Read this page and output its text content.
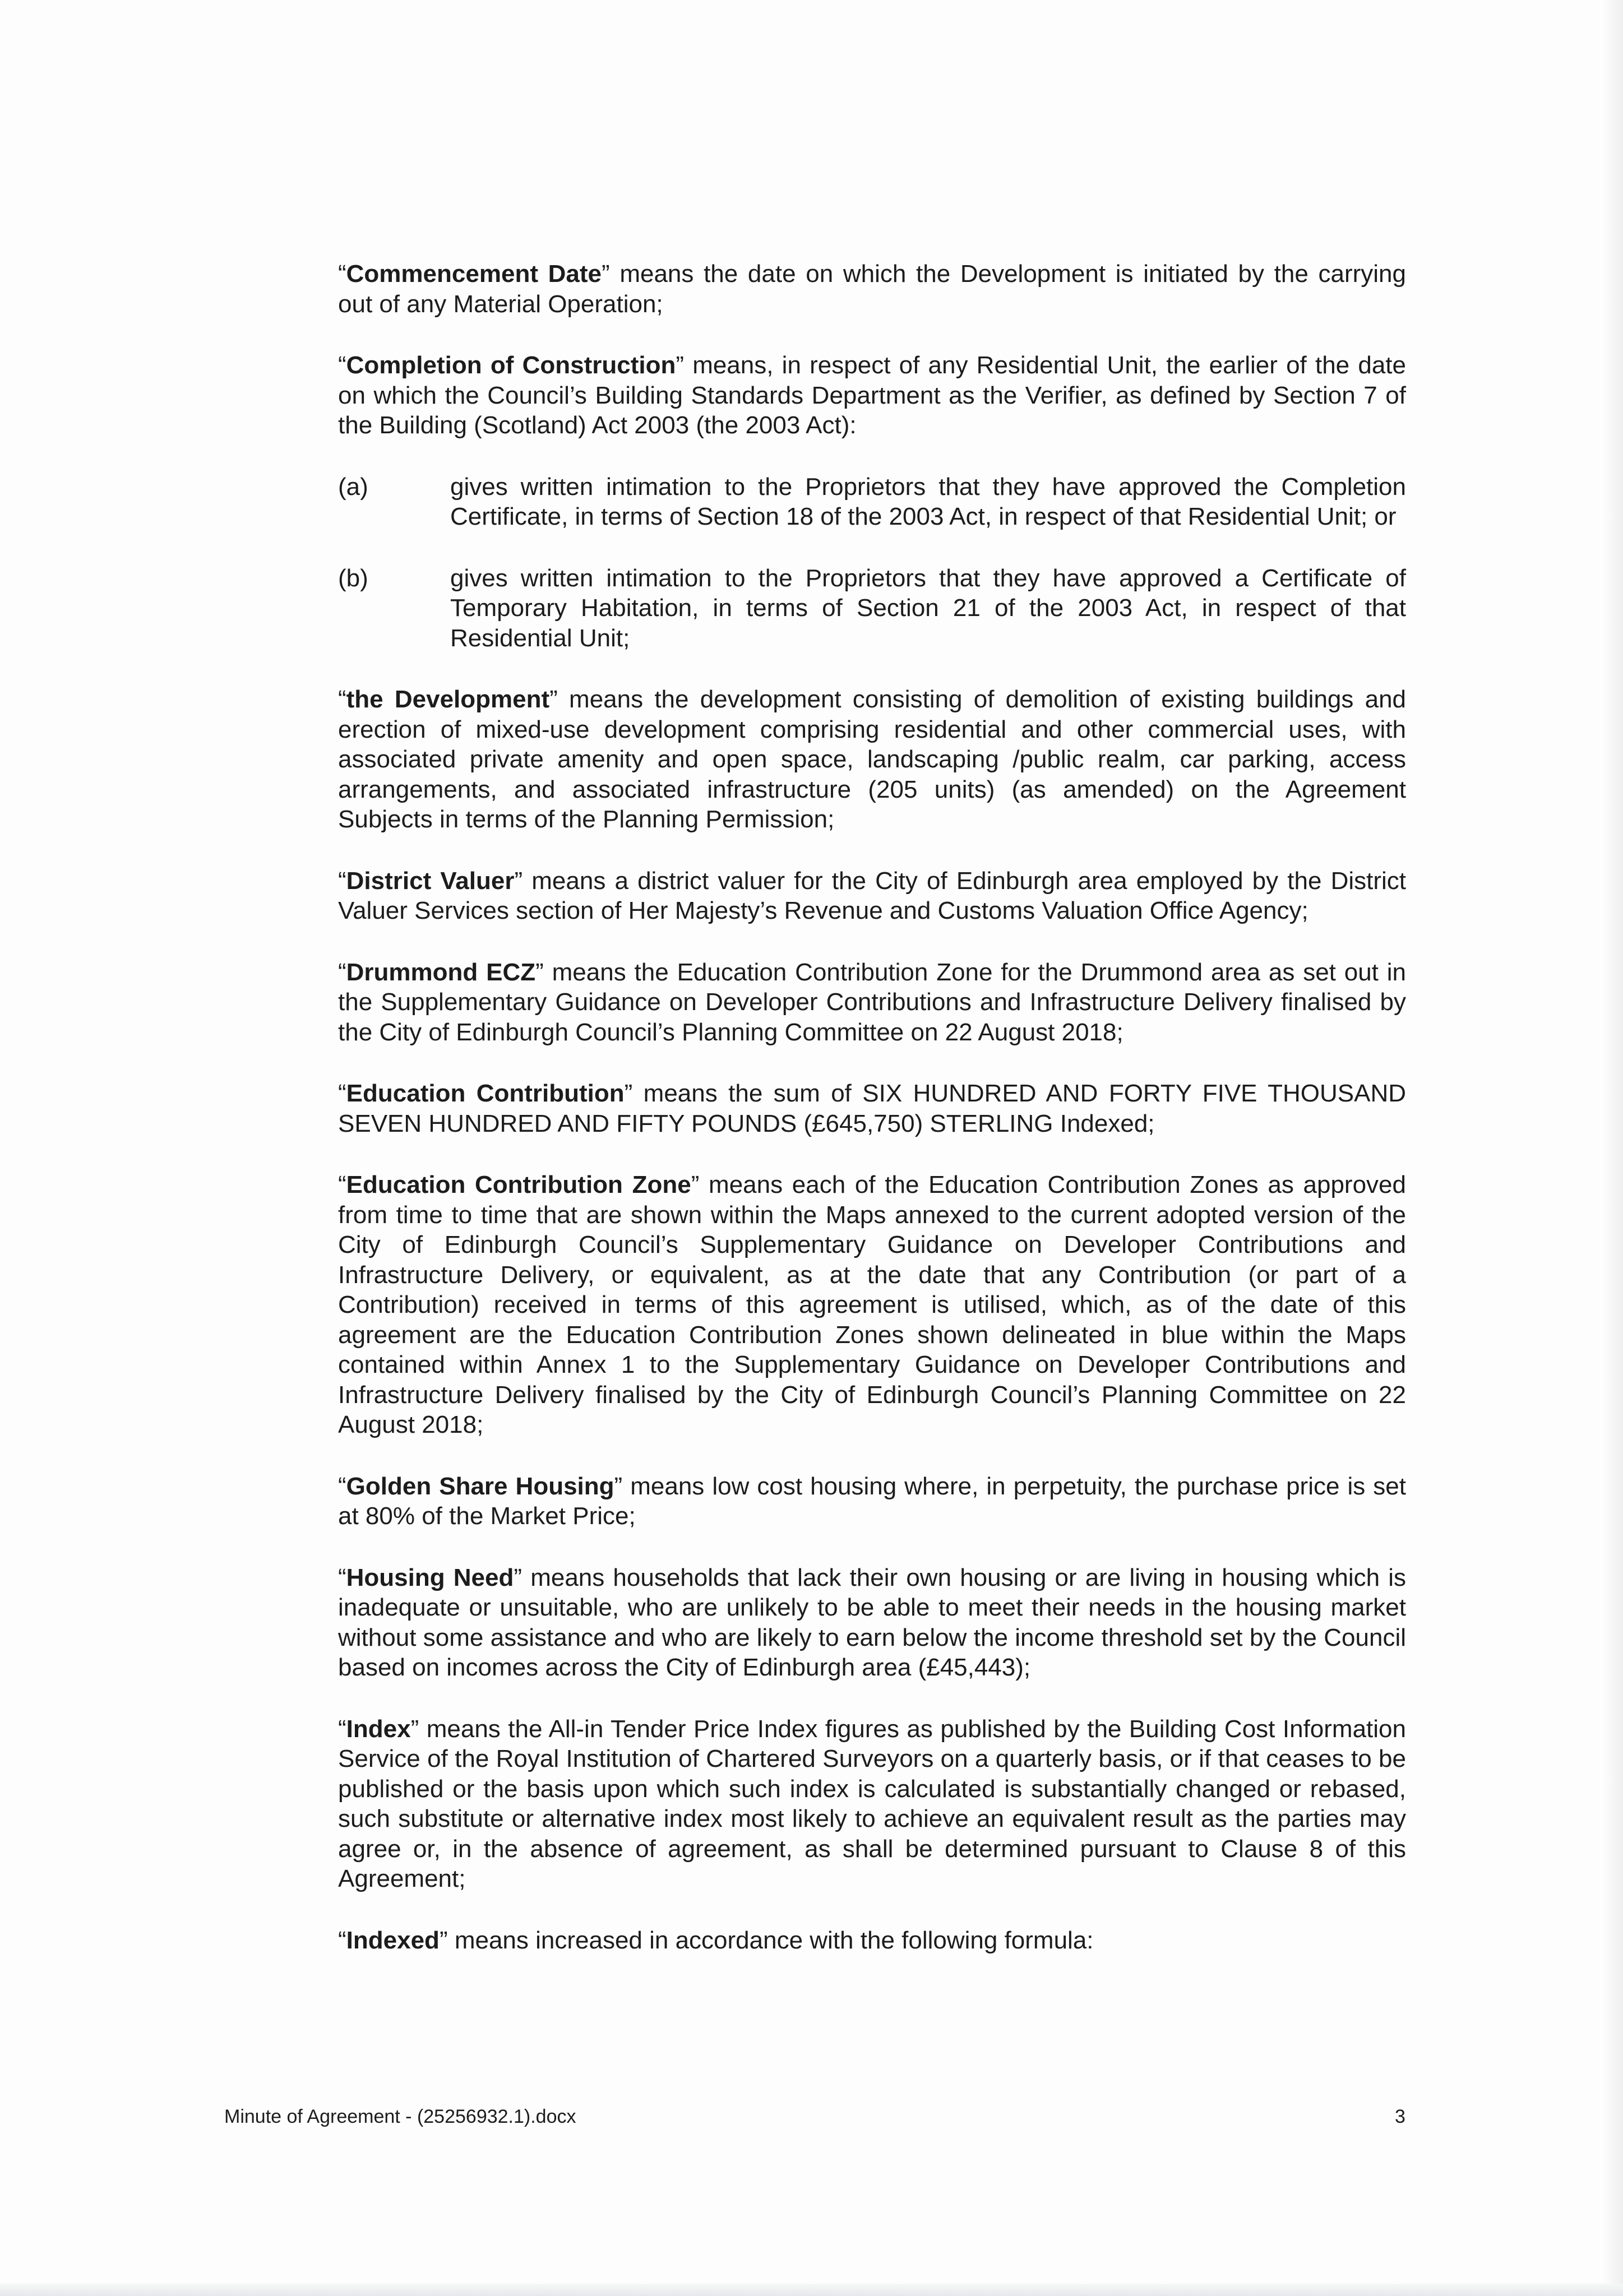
“Commencement Date” means the date on which the Development is initiated by the carrying out of any Material Operation;

“Completion of Construction” means, in respect of any Residential Unit, the earlier of the date on which the Council’s Building Standards Department as the Verifier, as defined by Section 7 of the Building (Scotland) Act 2003 (the 2003 Act):

(a)	gives written intimation to the Proprietors that they have approved the Completion Certificate, in terms of Section 18 of the 2003 Act, in respect of that Residential Unit; or
(b)	gives written intimation to the Proprietors that they have approved a Certificate of Temporary Habitation, in terms of Section 21 of the 2003 Act, in respect of that Residential Unit;

“the Development” means the development consisting of demolition of existing buildings and erection of mixed-use development comprising residential and other commercial uses, with associated private amenity and open space, landscaping /public realm, car parking, access arrangements, and associated infrastructure (205 units) (as amended) on the Agreement Subjects in terms of the Planning Permission;

“District Valuer” means a district valuer for the City of Edinburgh area employed by the District Valuer Services section of Her Majesty’s Revenue and Customs Valuation Office Agency;

“Drummond ECZ” means the Education Contribution Zone for the Drummond area as set out in the Supplementary Guidance on Developer Contributions and Infrastructure Delivery finalised by the City of Edinburgh Council’s Planning Committee on 22 August 2018;

“Education Contribution” means the sum of SIX HUNDRED AND FORTY FIVE THOUSAND SEVEN HUNDRED AND FIFTY POUNDS (£645,750) STERLING Indexed;

“Education Contribution Zone” means each of the Education Contribution Zones as approved from time to time that are shown within the Maps annexed to the current adopted version of the City of Edinburgh Council’s Supplementary Guidance on Developer Contributions and Infrastructure Delivery, or equivalent, as at the date that any Contribution (or part of a Contribution) received in terms of this agreement is utilised, which, as of the date of this agreement are the Education Contribution Zones shown delineated in blue within the Maps contained within Annex 1 to the Supplementary Guidance on Developer Contributions and Infrastructure Delivery finalised by the City of Edinburgh Council’s Planning Committee on 22 August 2018;

“Golden Share Housing” means low cost housing where, in perpetuity, the purchase price is set at 80% of the Market Price;

“Housing Need” means households that lack their own housing or are living in housing which is inadequate or unsuitable, who are unlikely to be able to meet their needs in the housing market without some assistance and who are likely to earn below the income threshold set by the Council based on incomes across the City of Edinburgh area (£45,443);

“Index” means the All-in Tender Price Index figures as published by the Building Cost Information Service of the Royal Institution of Chartered Surveyors on a quarterly basis, or if that ceases to be published or the basis upon which such index is calculated is substantially changed or rebased, such substitute or alternative index most likely to achieve an equivalent result as the parties may agree or, in the absence of agreement, as shall be determined pursuant to Clause 8 of this Agreement;

“Indexed” means increased in accordance with the following formula:

Minute of Agreement - (25256932.1).docx	3
